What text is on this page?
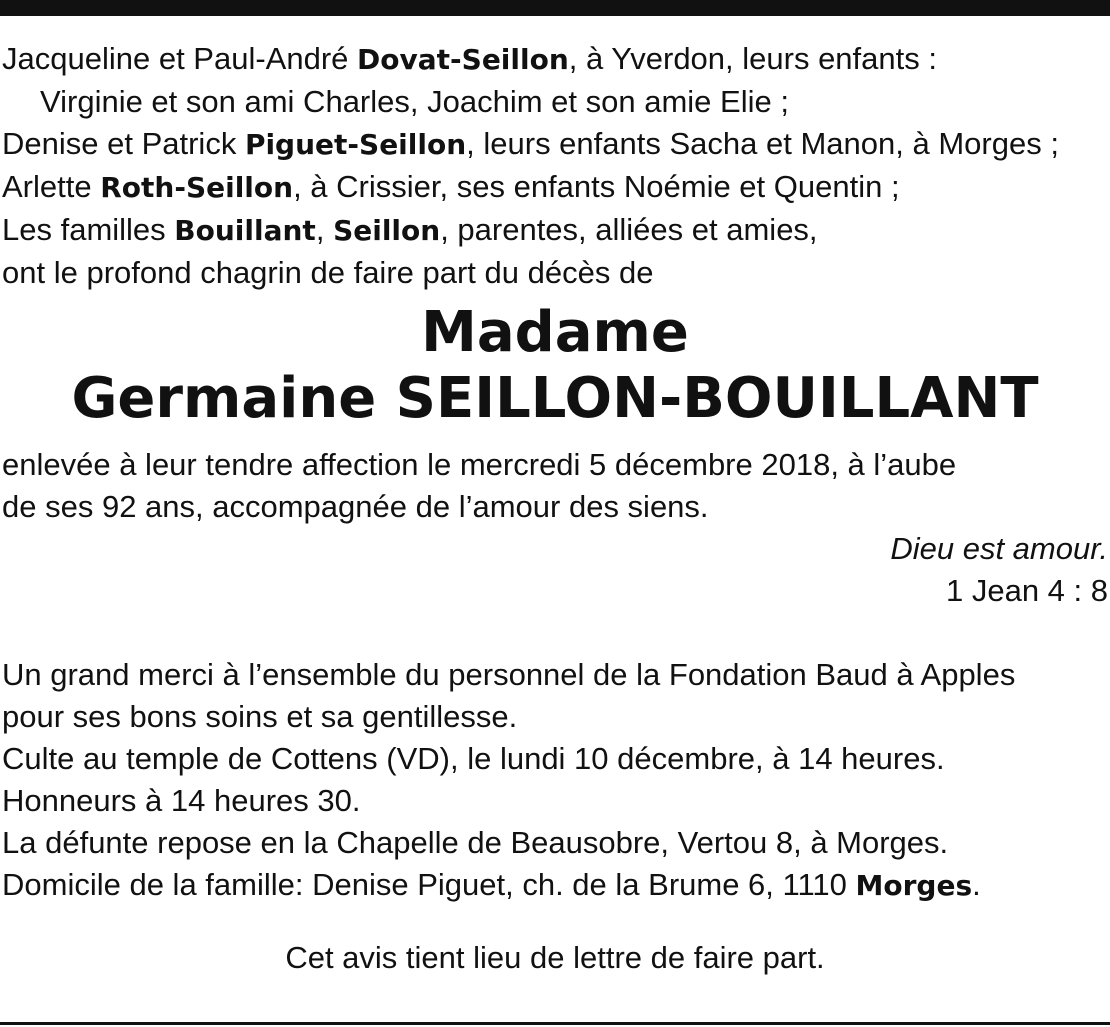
Jacqueline et Paul-André Dovat-Seillon, à Yverdon, leurs enfants :

Virginie et son ami Charles, Joachim et son amie Elie ;

Denise et Patrick Piguet-Seillon, leurs enfants Sacha et Manon, à Morges ;

Arlette Roth-Seillon, à Crissier, ses enfants Noémie et Quentin ;

Les familles Bouillant, Seillon, parentes, alliées et amies,

ont le profond chagrin de faire part du décès de

Madame

Germaine SEILLON-BOUILLANT

enlevée à leur tendre affection le mercredi 5 décembre 2018, à l’aube

de ses 92 ans, accompagnée de l’amour des siens.

Dieu est amour.

1 Jean 4 : 8

Un grand merci à l’ensemble du personnel de la Fondation Baud à Apples

pour ses bons soins et sa gentillesse.

Culte au temple de Cottens (VD), le lundi 10 décembre, à 14 heures.

Honneurs à 14 heures 30.

La défunte repose en la Chapelle de Beausobre, Vertou 8, à Morges.

Domicile de la famille: Denise Piguet, ch. de la Brume 6, 1110 Morges.

Cet avis tient lieu de lettre de faire part.
